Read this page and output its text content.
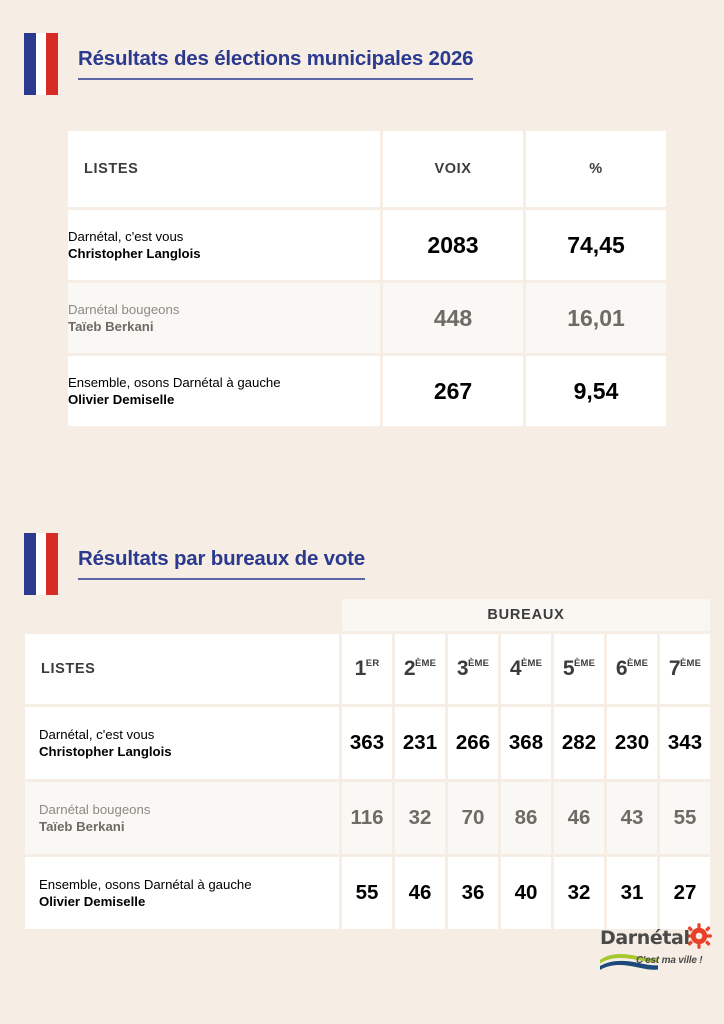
Résultats des élections municipales 2026
LISTES	VOIX	%

Darnétal, c'est vous
Christopher Langlois	2083	74,45

Darnétal bougeons
Taïeb Berkani	448	16,01

Ensemble, osons Darnétal à gauche
Olivier Demiselle	267	9,54
Résultats par bureaux de vote
	BUREAUX						
LISTES	1ER	2ÈME	3ÈME	4ÈME	5ÈME	6ÈME	7ÈME

Darnétal, c'est vous
Christopher Langlois	363	231	266	368	282	230	343

Darnétal bougeons
Taïeb Berkani	116	32	70	86	46	43	55

Ensemble, osons Darnétal à gauche
Olivier Demiselle	55	46	36	40	32	31	27
Darnétal
C'est ma ville !
